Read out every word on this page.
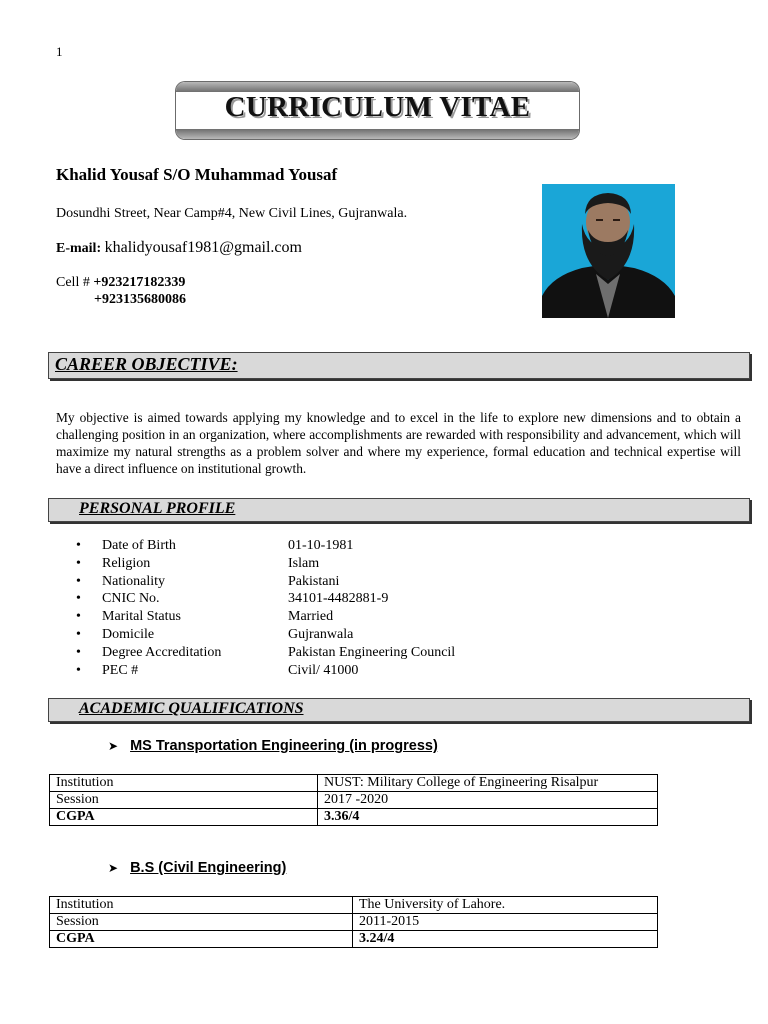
1
CURRICULUM VITAE
Khalid Yousaf S/O Muhammad Yousaf
Dosundhi Street, Near Camp#4, New Civil Lines, Gujranwala.
E-mail: khalidyousaf1981@gmail.com
Cell # +923217182339
+923135680086
CAREER OBJECTIVE:
My objective is aimed towards applying my knowledge and to excel in the life to explore new dimensions and to obtain a challenging position in an organization, where accomplishments are rewarded with responsibility and advancement, which will maximize my natural strengths as a problem solver and where my experience, formal education and technical expertise will have a direct influence on institutional growth.
PERSONAL PROFILE
• Date of Birth	01-10-1981
• Religion	Islam
• Nationality	Pakistani
• CNIC No.	34101-4482881-9
• Marital Status	Married
• Domicile	Gujranwala
• Degree Accreditation	Pakistan Engineering Council
• PEC #	Civil/ 41000
ACADEMIC QUALIFICATIONS
➤ MS Transportation Engineering (in progress)
Institution	NUST: Military College of Engineering Risalpur
Session	2017 -2020
CGPA	3.36/4
➤ B.S (Civil Engineering)
Institution	The University of Lahore.
Session	2011-2015
CGPA	3.24/4
